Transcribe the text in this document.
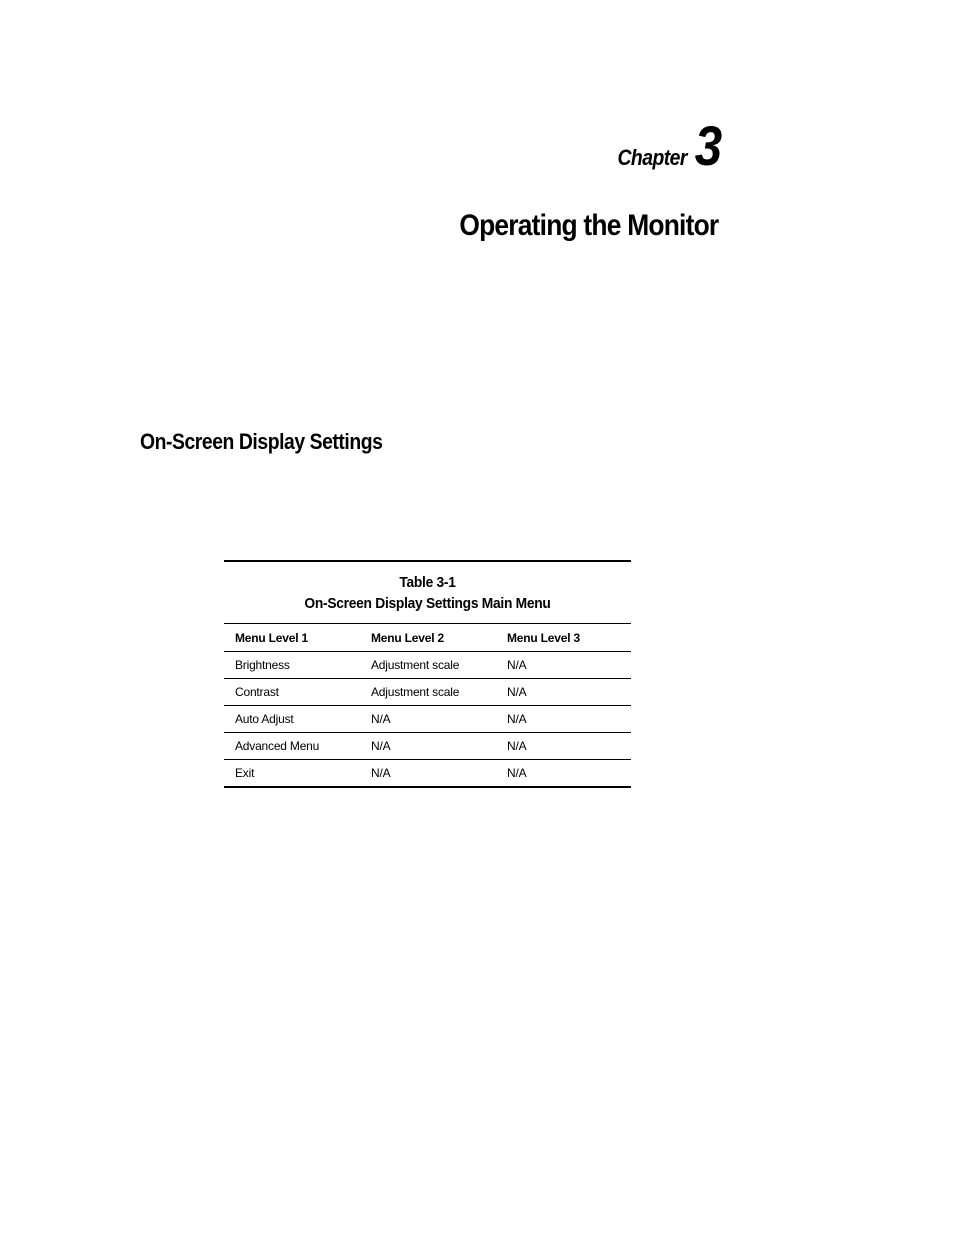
Chapter 3
Operating the Monitor
On-Screen Display Settings
Table 3-1
On-Screen Display Settings Main Menu
Menu Level 1	Menu Level 2	Menu Level 3
Brightness	Adjustment scale	N/A
Contrast	Adjustment scale	N/A
Auto Adjust	N/A	N/A
Advanced Menu	N/A	N/A
Exit	N/A	N/A
